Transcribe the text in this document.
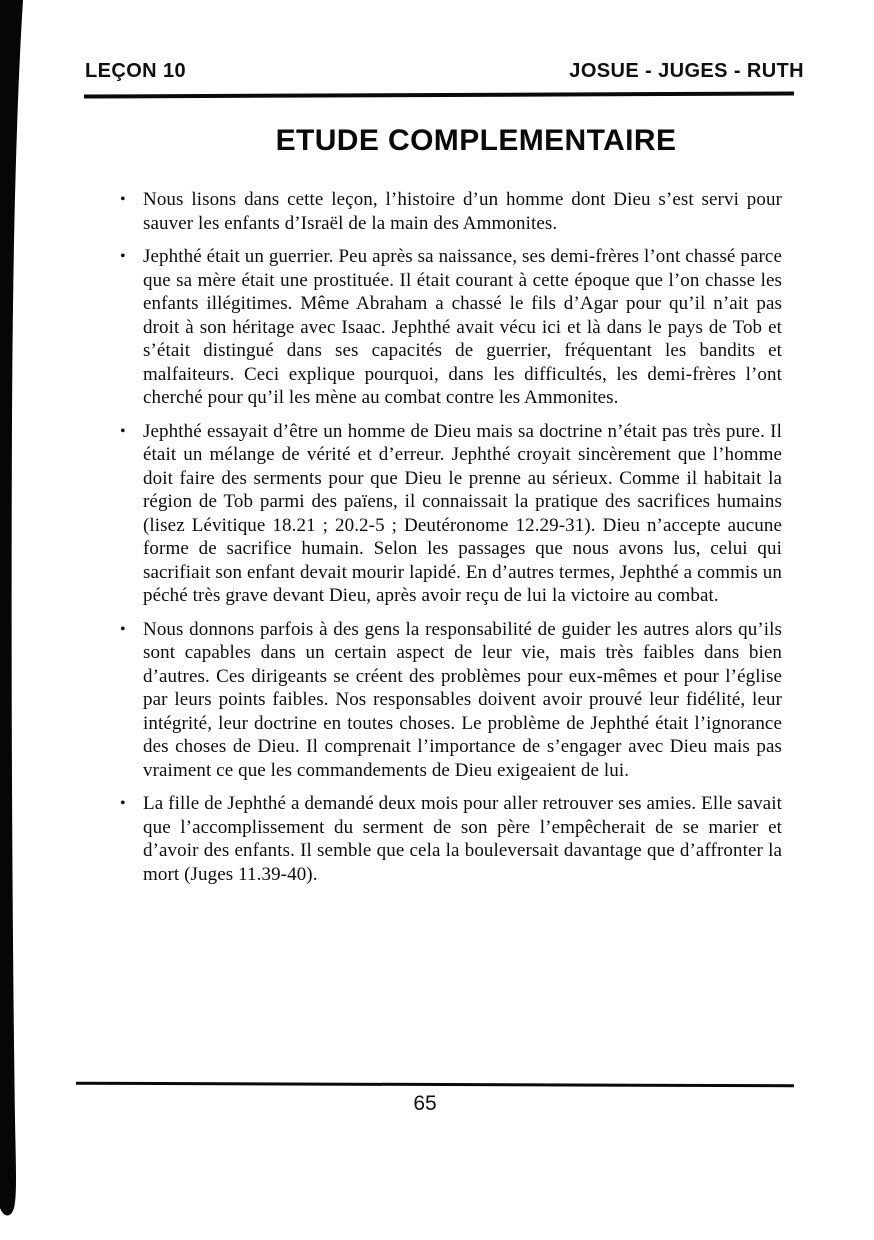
LEÇON 10	JOSUE - JUGES - RUTH
ETUDE COMPLEMENTAIRE
• Nous lisons dans cette leçon, l’histoire d’un homme dont Dieu s’est servi pour sauver les enfants d’Israël de la main des Ammonites.

• Jephthé était un guerrier. Peu après sa naissance, ses demi-frères l’ont chassé parce que sa mère était une prostituée. Il était courant à cette époque que l’on chasse les enfants illégitimes. Même Abraham a chassé le fils d’Agar pour qu’il n’ait pas droit à son héritage avec Isaac. Jephthé avait vécu ici et là dans le pays de Tob et s’était distingué dans ses capacités de guerrier, fréquentant les bandits et malfaiteurs. Ceci explique pourquoi, dans les difficultés, les demi-frères l’ont cherché pour qu’il les mène au combat contre les Ammonites.

• Jephthé essayait d’être un homme de Dieu mais sa doctrine n’était pas très pure. Il était un mélange de vérité et d’erreur. Jephthé croyait sincèrement que l’homme doit faire des serments pour que Dieu le prenne au sérieux. Comme il habitait la région de Tob parmi des païens, il connaissait la pratique des sacrifices humains (lisez Lévitique 18.21 ; 20.2-5 ; Deutéronome 12.29-31). Dieu n’accepte aucune forme de sacrifice humain. Selon les passages que nous avons lus, celui qui sacrifiait son enfant devait mourir lapidé. En d’autres termes, Jephthé a commis un péché très grave devant Dieu, après avoir reçu de lui la victoire au combat.

• Nous donnons parfois à des gens la responsabilité de guider les autres alors qu’ils sont capables dans un certain aspect de leur vie, mais très faibles dans bien d’autres. Ces dirigeants se créent des problèmes pour eux-mêmes et pour l’église par leurs points faibles. Nos responsables doivent avoir prouvé leur fidélité, leur intégrité, leur doctrine en toutes choses. Le problème de Jephthé était l’ignorance des choses de Dieu. Il comprenait l’importance de s’engager avec Dieu mais pas vraiment ce que les commandements de Dieu exigeaient de lui.

• La fille de Jephthé a demandé deux mois pour aller retrouver ses amies. Elle savait que l’accomplissement du serment de son père l’empêcherait de se marier et d’avoir des enfants. Il semble que cela la bouleversait davantage que d’affronter la mort (Juges 11.39-40).

65
